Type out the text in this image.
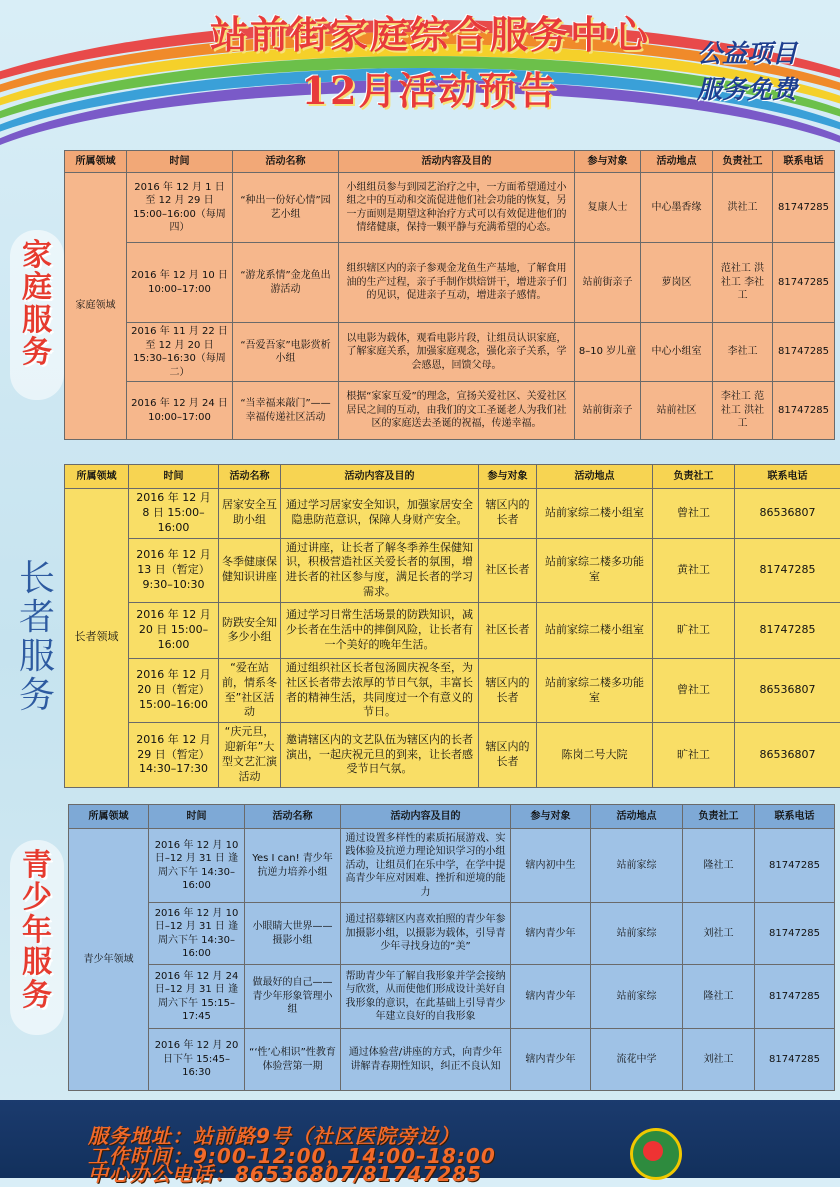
站前街家庭综合服务中心
12月活动预告
公益项目
服务免费
家
庭
服
务
长
者
服
务
青
少
年
服
务
所属领域	时间	活动名称	活动内容及目的	参与对象	活动地点	负责社工	联系电话
家庭领域	2016 年 12 月 1 日至 12 月 29 日 15:00–16:00（每周四）	“种出一份好心情”园艺小组	小组组员参与到园艺治疗之中，一方面希望通过小组之中的互动和交流促进他们社会功能的恢复，另一方面则是期望这种治疗方式可以有效促进他们的情绪健康，保持一颗平静与充满希望的心态。	复康人士	中心墨香缘	洪社工	81747285
	2016 年 12 月 10 日 10:00–17:00	“游龙系情”金龙鱼出游活动	组织辖区内的亲子参观金龙鱼生产基地，了解食用油的生产过程，亲子手制作烘焙饼干，增进亲子们的见识，促进亲子互动，增进亲子感情。	站前街亲子	萝岗区	范社工 洪社工 李社工	81747285
	2016 年 11 月 22 日至 12 月 20 日 15:30–16:30（每周二）	“吾爱吾家”电影赏析小组	以电影为载体，观看电影片段，让组员认识家庭，了解家庭关系，加强家庭观念，强化亲子关系，学会感恩，回馈父母。	8–10 岁儿童	中心小组室	李社工	81747285
	2016 年 12 月 24 日 10:00–17:00	“当幸福来敲门”——幸福传递社区活动	根据“家家互爱”的理念，宣扬关爱社区、关爱社区居民之间的互动，由我们的文工圣诞老人为我们社区的家庭送去圣诞的祝福，传递幸福。	站前街亲子	站前社区	李社工 范社工 洪社工	81747285
所属领域	时间	活动名称	活动内容及目的	参与对象	活动地点	负责社工	联系电话
长者领域	2016 年 12 月 8 日 15:00–16:00	居家安全互助小组	通过学习居家安全知识，加强家居安全隐患防范意识，保障人身财产安全。	辖区内的长者	站前家综二楼小组室	曾社工	86536807
	2016 年 12 月 13 日（暂定）9:30–10:30	冬季健康保健知识讲座	通过讲座，让长者了解冬季养生保健知识，积极营造社区关爱长者的氛围，增进长者的社区参与度，满足长者的学习需求。	社区长者	站前家综二楼多功能室	黄社工	81747285
	2016 年 12 月 20 日 15:00–16:00	防跌安全知多少小组	通过学习日常生活场景的防跌知识，减少长者在生活中的摔倒风险，让长者有一个美好的晚年生活。	社区长者	站前家综二楼小组室	旷社工	81747285
	2016 年 12 月 20 日（暂定）15:00–16:00	“爱在站前，情系冬至”社区活动	通过组织社区长者包汤圆庆祝冬至，为社区长者带去浓厚的节日气氛，丰富长者的精神生活，共同度过一个有意义的节日。	辖区内的长者	站前家综二楼多功能室	曾社工	86536807
	2016 年 12 月 29 日（暂定）14:30–17:30	“庆元旦，迎新年”大型文艺汇演活动	邀请辖区内的文艺队伍为辖区内的长者演出，一起庆祝元旦的到来，让长者感受节日气氛。	辖区内的长者	陈岗二号大院	旷社工	86536807
所属领域	时间	活动名称	活动内容及目的	参与对象	活动地点	负责社工	联系电话
青少年领域	2016 年 12 月 10 日–12 月 31 日 逢周六下午 14:30–16:00	Yes I can! 青少年抗逆力培养小组	通过设置多样性的素质拓展游戏、实践体验及抗逆力理论知识学习的小组活动，让组员们在乐中学，在学中提高青少年应对困难、挫折和逆境的能力	辖内初中生	站前家综	隆社工	81747285
	2016 年 12 月 10 日–12 月 31 日 逢周六下午 14:30–16:00	小眼睛大世界——摄影小组	通过招募辖区内喜欢拍照的青少年参加摄影小组，以摄影为载体，引导青少年寻找身边的“美”	辖内青少年	站前家综	刘社工	81747285
	2016 年 12 月 24 日–12 月 31 日 逢周六下午 15:15–17:45	做最好的自己——青少年形象管理小组	帮助青少年了解自我形象并学会接纳与欣赏，从而使他们形成设计美好自我形象的意识，在此基础上引导青少年建立良好的自我形象	辖内青少年	站前家综	隆社工	81747285
	2016 年 12 月 20 日下午 15:45–16:30	“‘性’心相识”性教育体验营第一期	通过体验营/讲座的方式，向青少年讲解青春期性知识，纠正不良认知	辖内青少年	流花中学	刘社工	81747285
服务地址：站前路9号（社区医院旁边）
工作时间：9:00–12:00，14:00–18:00
中心办公电话：86536807/81747285
